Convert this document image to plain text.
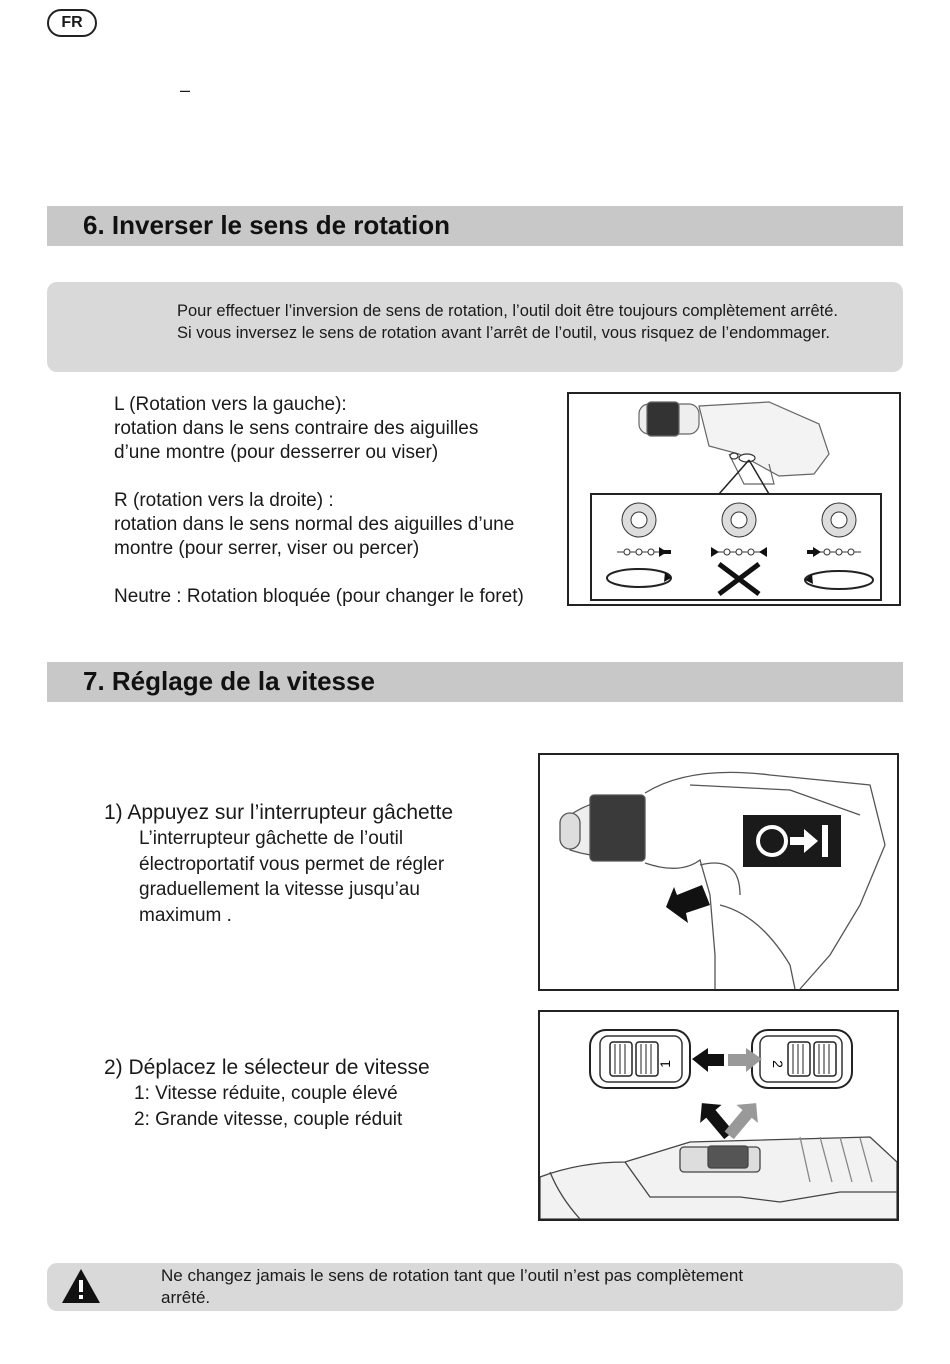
FR
–
6. Inverser le sens de rotation

Pour effectuer l’inversion de sens de rotation, l’outil doit être toujours complètement arrêté.

Si vous inversez le sens de rotation avant l’arrêt de l’outil, vous risquez de l’endommager.

L (Rotation vers la gauche):
rotation dans le sens contraire des aiguilles
d’une montre (pour desserrer ou viser)
R (rotation vers la droite) :
rotation dans le sens normal des aiguilles d’une
montre (pour serrer, viser ou percer)
Neutre : Rotation bloquée (pour changer le foret)
7. Réglage de la vitesse
1) Appuyez sur l’interrupteur gâchette
L’interrupteur gâchette de l’outil
électroportatif vous permet de régler
graduellement la vitesse jusqu’au
maximum .
2) Déplacez le sélecteur de vitesse
1: Vitesse réduite, couple élevé
2: Grande vitesse, couple réduit
1	2

Ne changez jamais le sens de rotation tant que l’outil n’est pas complètement
arrêté.
